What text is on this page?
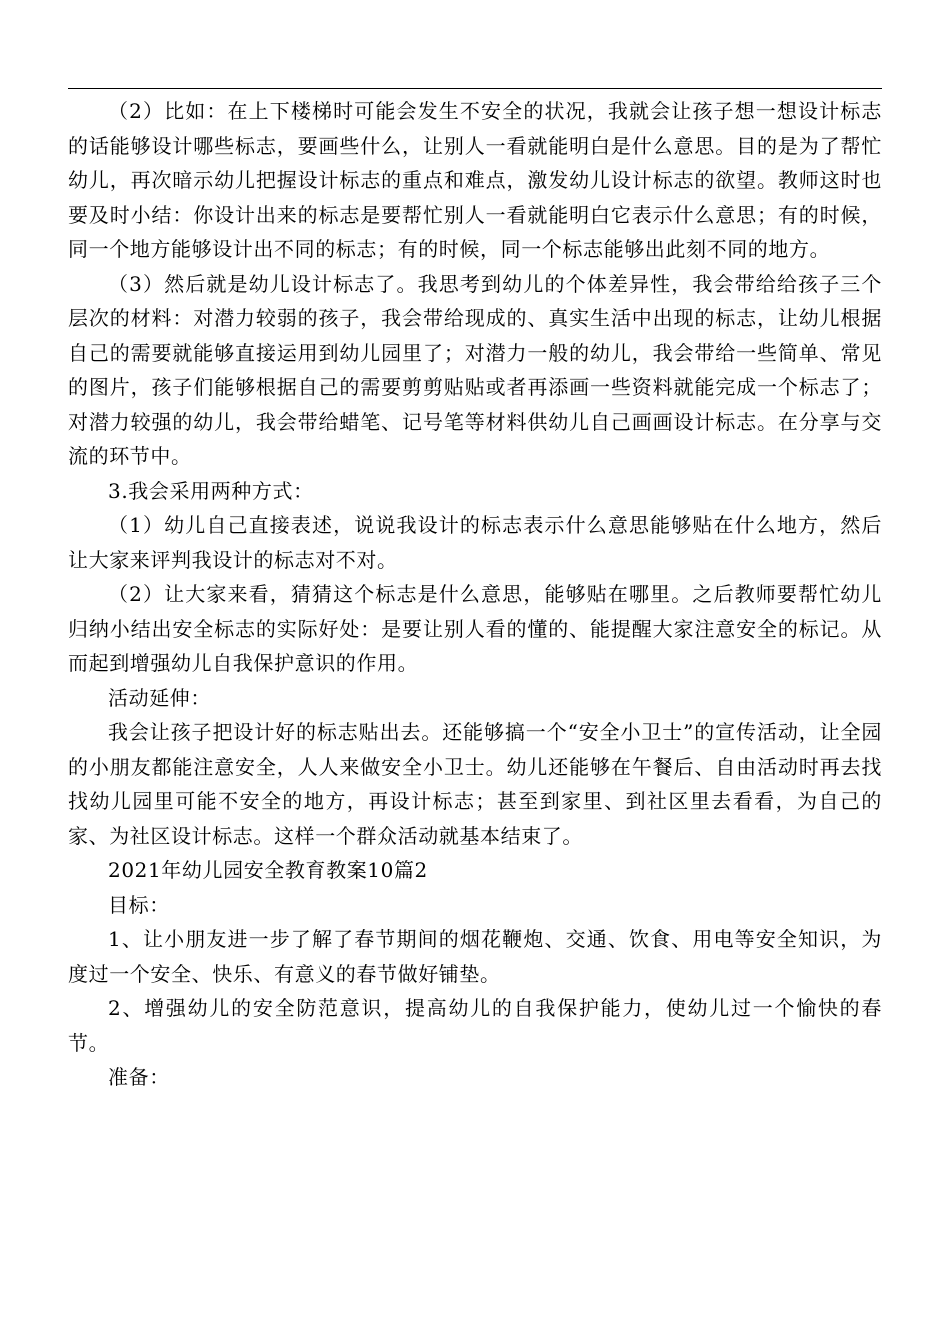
（2）比如：在上下楼梯时可能会发生不安全的状况，我就会让孩子想一想设计标志的话能够设计哪些标志，要画些什么，让别人一看就能明白是什么意思。目的是为了帮忙幼儿，再次暗示幼儿把握设计标志的重点和难点，激发幼儿设计标志的欲望。教师这时也要及时小结：你设计出来的标志是要帮忙别人一看就能明白它表示什么意思；有的时候，同一个地方能够设计出不同的标志；有的时候，同一个标志能够出此刻不同的地方。

（3）然后就是幼儿设计标志了。我思考到幼儿的个体差异性，我会带给给孩子三个层次的材料：对潜力较弱的孩子，我会带给现成的、真实生活中出现的标志，让幼儿根据自己的需要就能够直接运用到幼儿园里了；对潜力一般的幼儿，我会带给一些简单、常见的图片，孩子们能够根据自己的需要剪剪贴贴或者再添画一些资料就能完成一个标志了；对潜力较强的幼儿，我会带给蜡笔、记号笔等材料供幼儿自己画画设计标志。在分享与交流的环节中。

3.我会采用两种方式：

（1）幼儿自己直接表述，说说我设计的标志表示什么意思能够贴在什么地方，然后让大家来评判我设计的标志对不对。

（2）让大家来看，猜猜这个标志是什么意思，能够贴在哪里。之后教师要帮忙幼儿归纳小结出安全标志的实际好处：是要让别人看的懂的、能提醒大家注意安全的标记。从而起到增强幼儿自我保护意识的作用。

活动延伸：

我会让孩子把设计好的标志贴出去。还能够搞一个“安全小卫士”的宣传活动，让全园的小朋友都能注意安全，人人来做安全小卫士。幼儿还能够在午餐后、自由活动时再去找找幼儿园里可能不安全的地方，再设计标志；甚至到家里、到社区里去看看，为自己的家、为社区设计标志。这样一个群众活动就基本结束了。

2021年幼儿园安全教育教案10篇2

目标：

1、让小朋友进一步了解了春节期间的烟花鞭炮、交通、饮食、用电等安全知识，为度过一个安全、快乐、有意义的春节做好铺垫。

2、增强幼儿的安全防范意识，提高幼儿的自我保护能力，使幼儿过一个愉快的春节。

准备：
